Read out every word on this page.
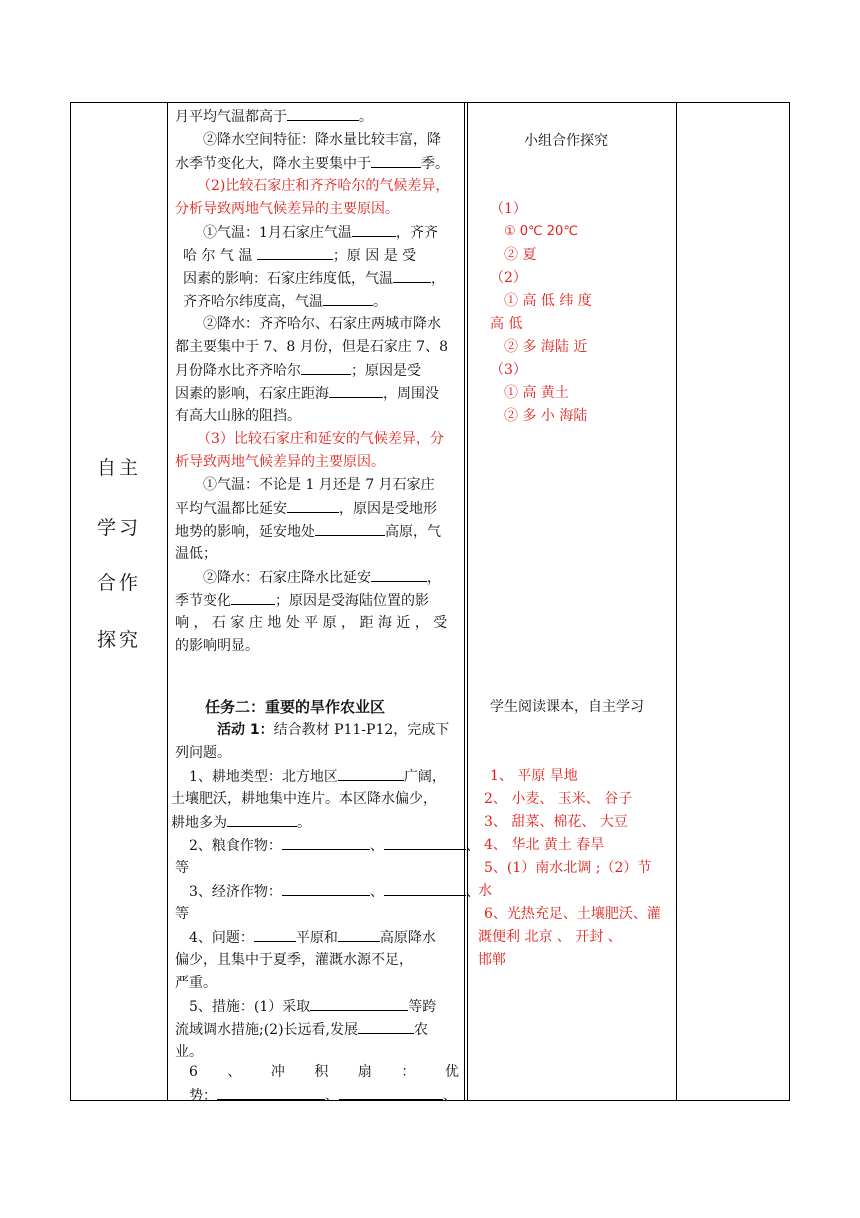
自主
学习
合作
探究
月平均气温都高于	。
②降水空间特征：降水量比较丰富，降
水季节变化大，降水主要集中于	季。
（2)比较石家庄和齐齐哈尔的气候差异，
分析导致两地气候差异的主要原因。
①气温：1月石家庄气温	，齐齐
哈 尔 气 温	；原 因 是 受
因素的影响：石家庄纬度低，气温	，
齐齐哈尔纬度高，气温	。
②降水：齐齐哈尔、石家庄两城市降水
都主要集中于 7、8 月份，但是石家庄 7、8
月份降水比齐齐哈尔	；原因是受
因素的影响，石家庄距海	，周围没
有高大山脉的阻挡。
（3）比较石家庄和延安的气候差异，分
析导致两地气候差异的主要原因。
①气温：不论是 1 月还是 7 月石家庄
平均气温都比延安	，原因是受地形
地势的影响，延安地处	高原，气
温低；
②降水：石家庄降水比延安	，
季节变化	；原因是受海陆位置的影
响 ， 石 家 庄 地 处 平 原 ， 距 海 近 ， 受
的影响明显。
任务二：重要的旱作农业区
活动 1：结合教材 P11-P12，完成下
列问题。
1、耕地类型：北方地区	广阔，
土壤肥沃，耕地集中连片。本区降水偏少，
耕地多为	。
2、粮食作物：	、	、
等
3、经济作物：	、	、
等
4、问题：	平原和	高原降水
偏少，且集中于夏季，灌溉水源不足，
严重。
5、措施：(1）采取	等跨
流域调水措施;(2)长远看,发展	农
业。
6 、 冲 积 扇 ： 优
势：	、	、
小组合作探究
（1）
① 0℃ 20℃
② 夏
（2）
① 高 低 纬 度
高 低
② 多 海陆 近
（3）
① 高 黄土
② 多 小 海陆
学生阅读课本，自主学习
1、 平原 旱地
2、 小麦、 玉米、 谷子
3、 甜菜、棉花、 大豆
4、 华北 黄土 春旱
5、(1）南水北调 ;（2）节
水
6、光热充足、土壤肥沃、灌
溉便利 北京 、 开封 、
邯郸
